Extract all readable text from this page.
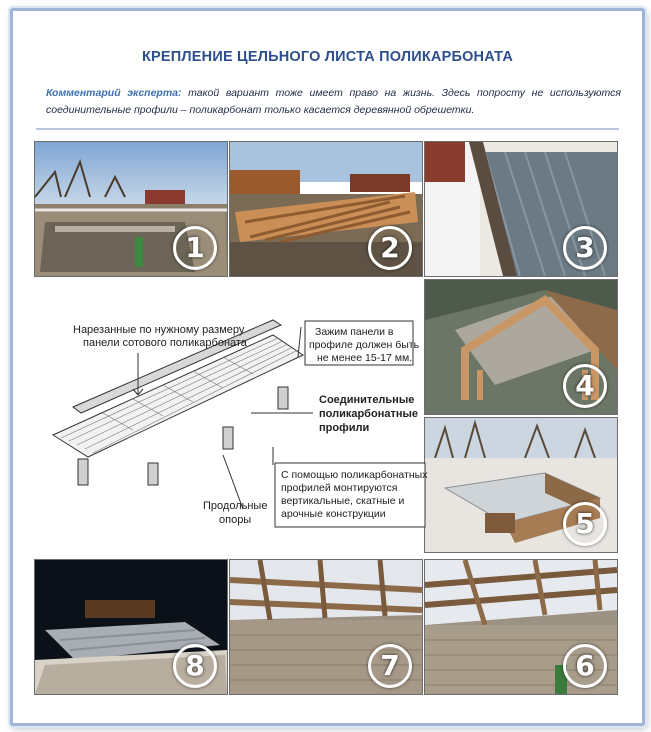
КРЕПЛЕНИЕ ЦЕЛЬНОГО ЛИСТА ПОЛИКАРБОНАТА
Комментарий эксперта: такой вариант тоже имеет право на жизнь. Здесь попросту не используются соединительные профили – поликарбонат только касается деревянной обрешетки.
1	2	3
4
5
6
7
8
Нарезанные по нужному размеру
панели сотового поликарбоната
Зажим панели в
профиле должен быть
не менее 15-17 мм.
Соединительные
поликарбонатные
профили
С помощью поликарбонатных
профилей монтируются
вертикальные, скатные и
арочные конструкции
Продольные
опоры
